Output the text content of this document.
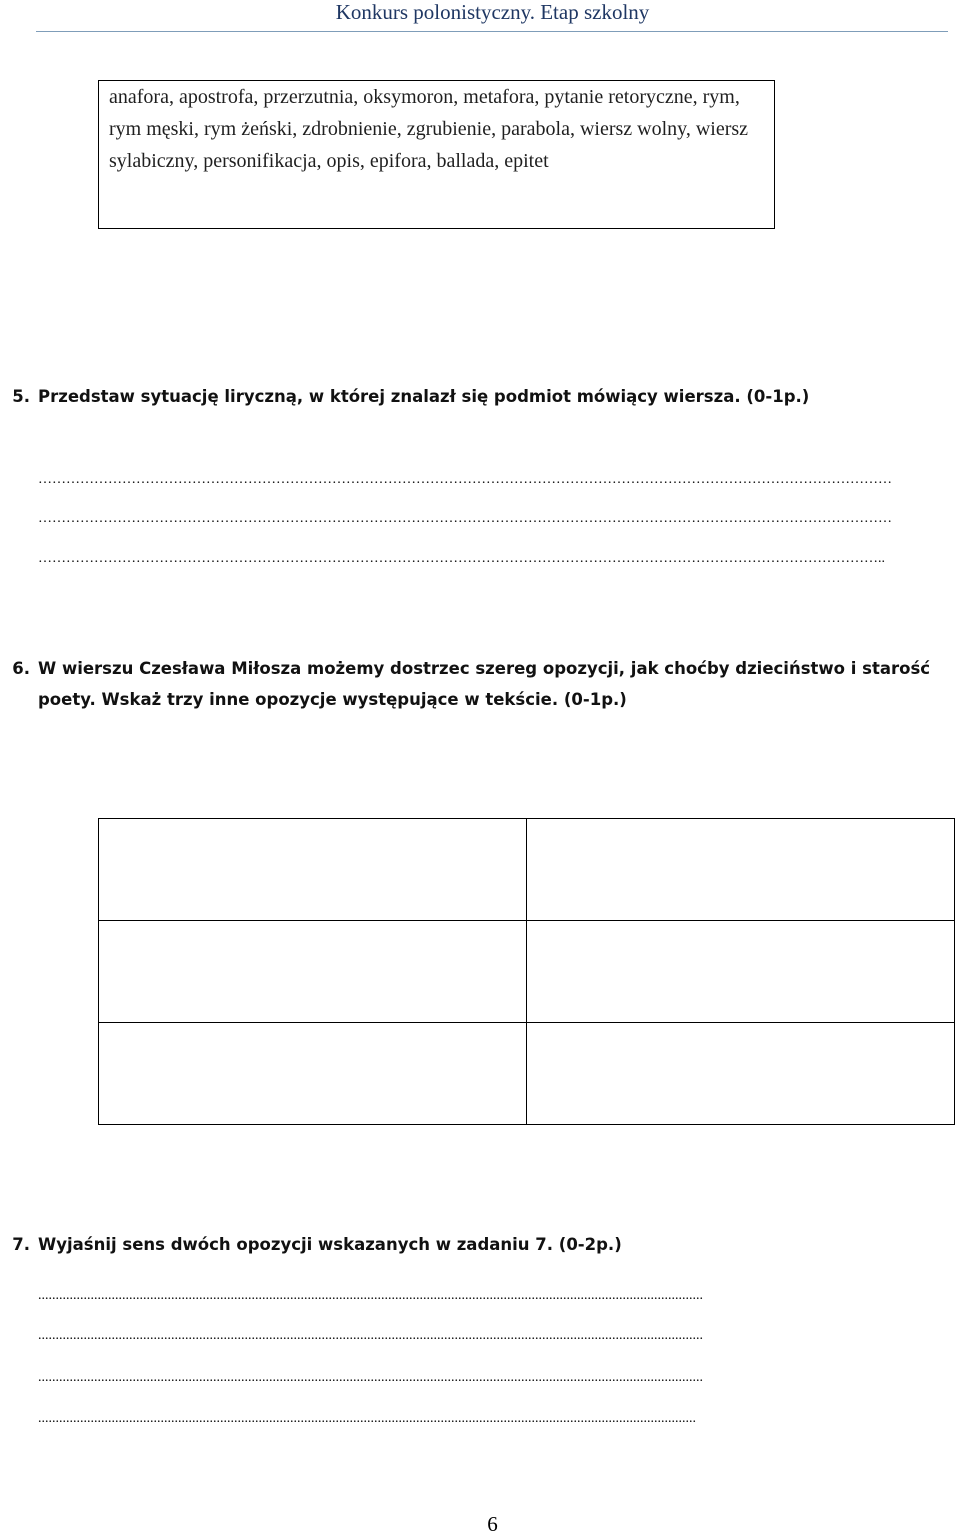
Konkurs polonistyczny. Etap szkolny
anafora, apostrofa, przerzutnia, oksymoron, metafora, pytanie retoryczne, rym, rym męski, rym żeński, zdrobnienie, zgrubienie, parabola, wiersz wolny, wiersz sylabiczny, personifikacja, opis, epifora, ballada, epitet
5. Przedstaw sytuację liryczną, w której znalazł się podmiot mówiący wiersza. (0-1p.)
…………………………………………………………………………………………………………………………………………………………………
…………………………………………………………………………………………………………………………………………………………………
………………………………………………………………………………………………………………………………………………………………..
6. W wierszu Czesława Miłosza możemy dostrzec szereg opozycji, jak choćby dzieciństwo i starość poety. Wskaż trzy inne opozycje występujące w tekście. (0-1p.)

7. Wyjaśnij sens dwóch opozycji wskazanych w zadaniu 7. (0-2p.)
..............................................................................................................................................................................................
..............................................................................................................................................................................................
..............................................................................................................................................................................................
............................................................................................................................................................................................
6
